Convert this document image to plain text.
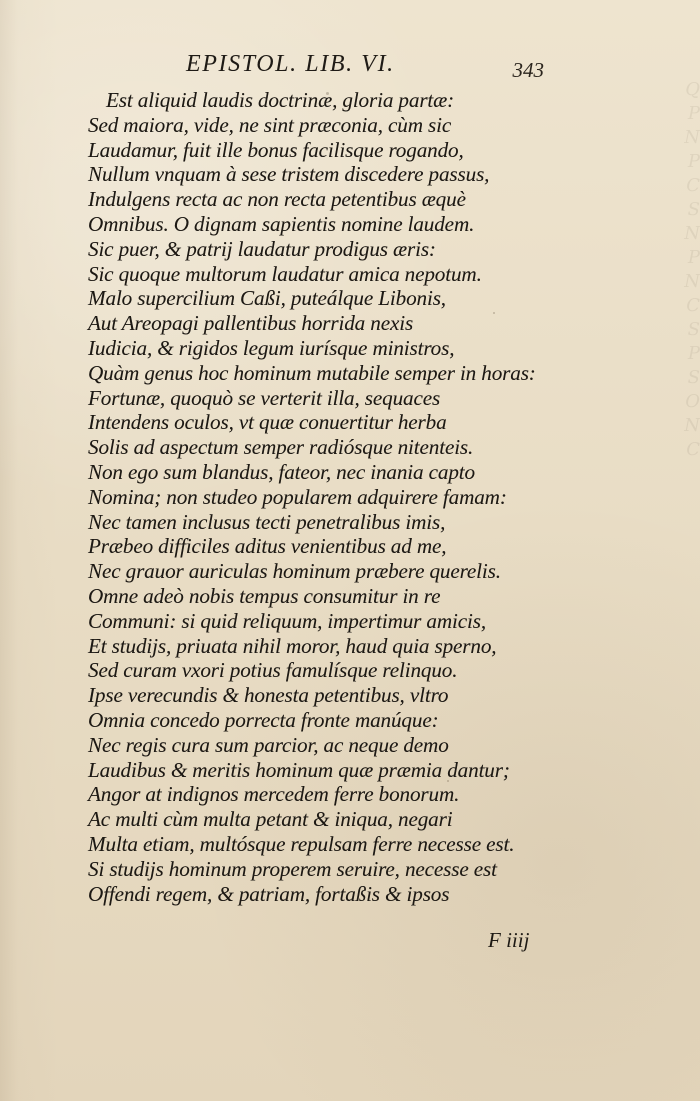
Q
P
N
P
C
S
N
P
N
C
S
P
S
O
N
C
EPISTOL. LIB. VI.	343
Est aliquid laudis doctrinæ, gloria partæ:
Sed maiora, vide, ne sint præconia, cùm sic
Laudamur, fuit ille bonus facilisque rogando,
Nullum vnquam à sese tristem discedere passus,
Indulgens recta ac non recta petentibus æquè
Omnibus. O dignam sapientis nomine laudem.
Sic puer, & patrij laudatur prodigus æris:
Sic quoque multorum laudatur amica nepotum.
Malo supercilium Caßi, puteálque Libonis,
Aut Areopagi pallentibus horrida nexis
Iudicia, & rigidos legum iurísque ministros,
Quàm genus hoc hominum mutabile semper in horas:
Fortunæ, quoquò se verterit illa, sequaces
Intendens oculos, vt quæ conuertitur herba
Solis ad aspectum semper radiósque nitenteis.
Non ego sum blandus, fateor, nec inania capto
Nomina; non studeo popularem adquirere famam:
Nec tamen inclusus tecti penetralibus imis,
Præbeo difficiles aditus venientibus ad me,
Nec grauor auriculas hominum præbere querelis.
Omne adeò nobis tempus consumitur in re
Communi: si quid reliquum, impertimur amicis,
Et studijs, priuata nihil moror, haud quia sperno,
Sed curam vxori potius famulísque relinquo.
Ipse verecundis & honesta petentibus, vltro
Omnia concedo porrecta fronte manúque:
Nec regis cura sum parcior, ac neque demo
Laudibus & meritis hominum quæ præmia dantur;
Angor at indignos mercedem ferre bonorum.
Ac multi cùm multa petant & iniqua, negari
Multa etiam, multósque repulsam ferre necesse est.
Si studijs hominum properem seruire, necesse est
Offendi regem, & patriam, fortaßis & ipsos
F iiij
